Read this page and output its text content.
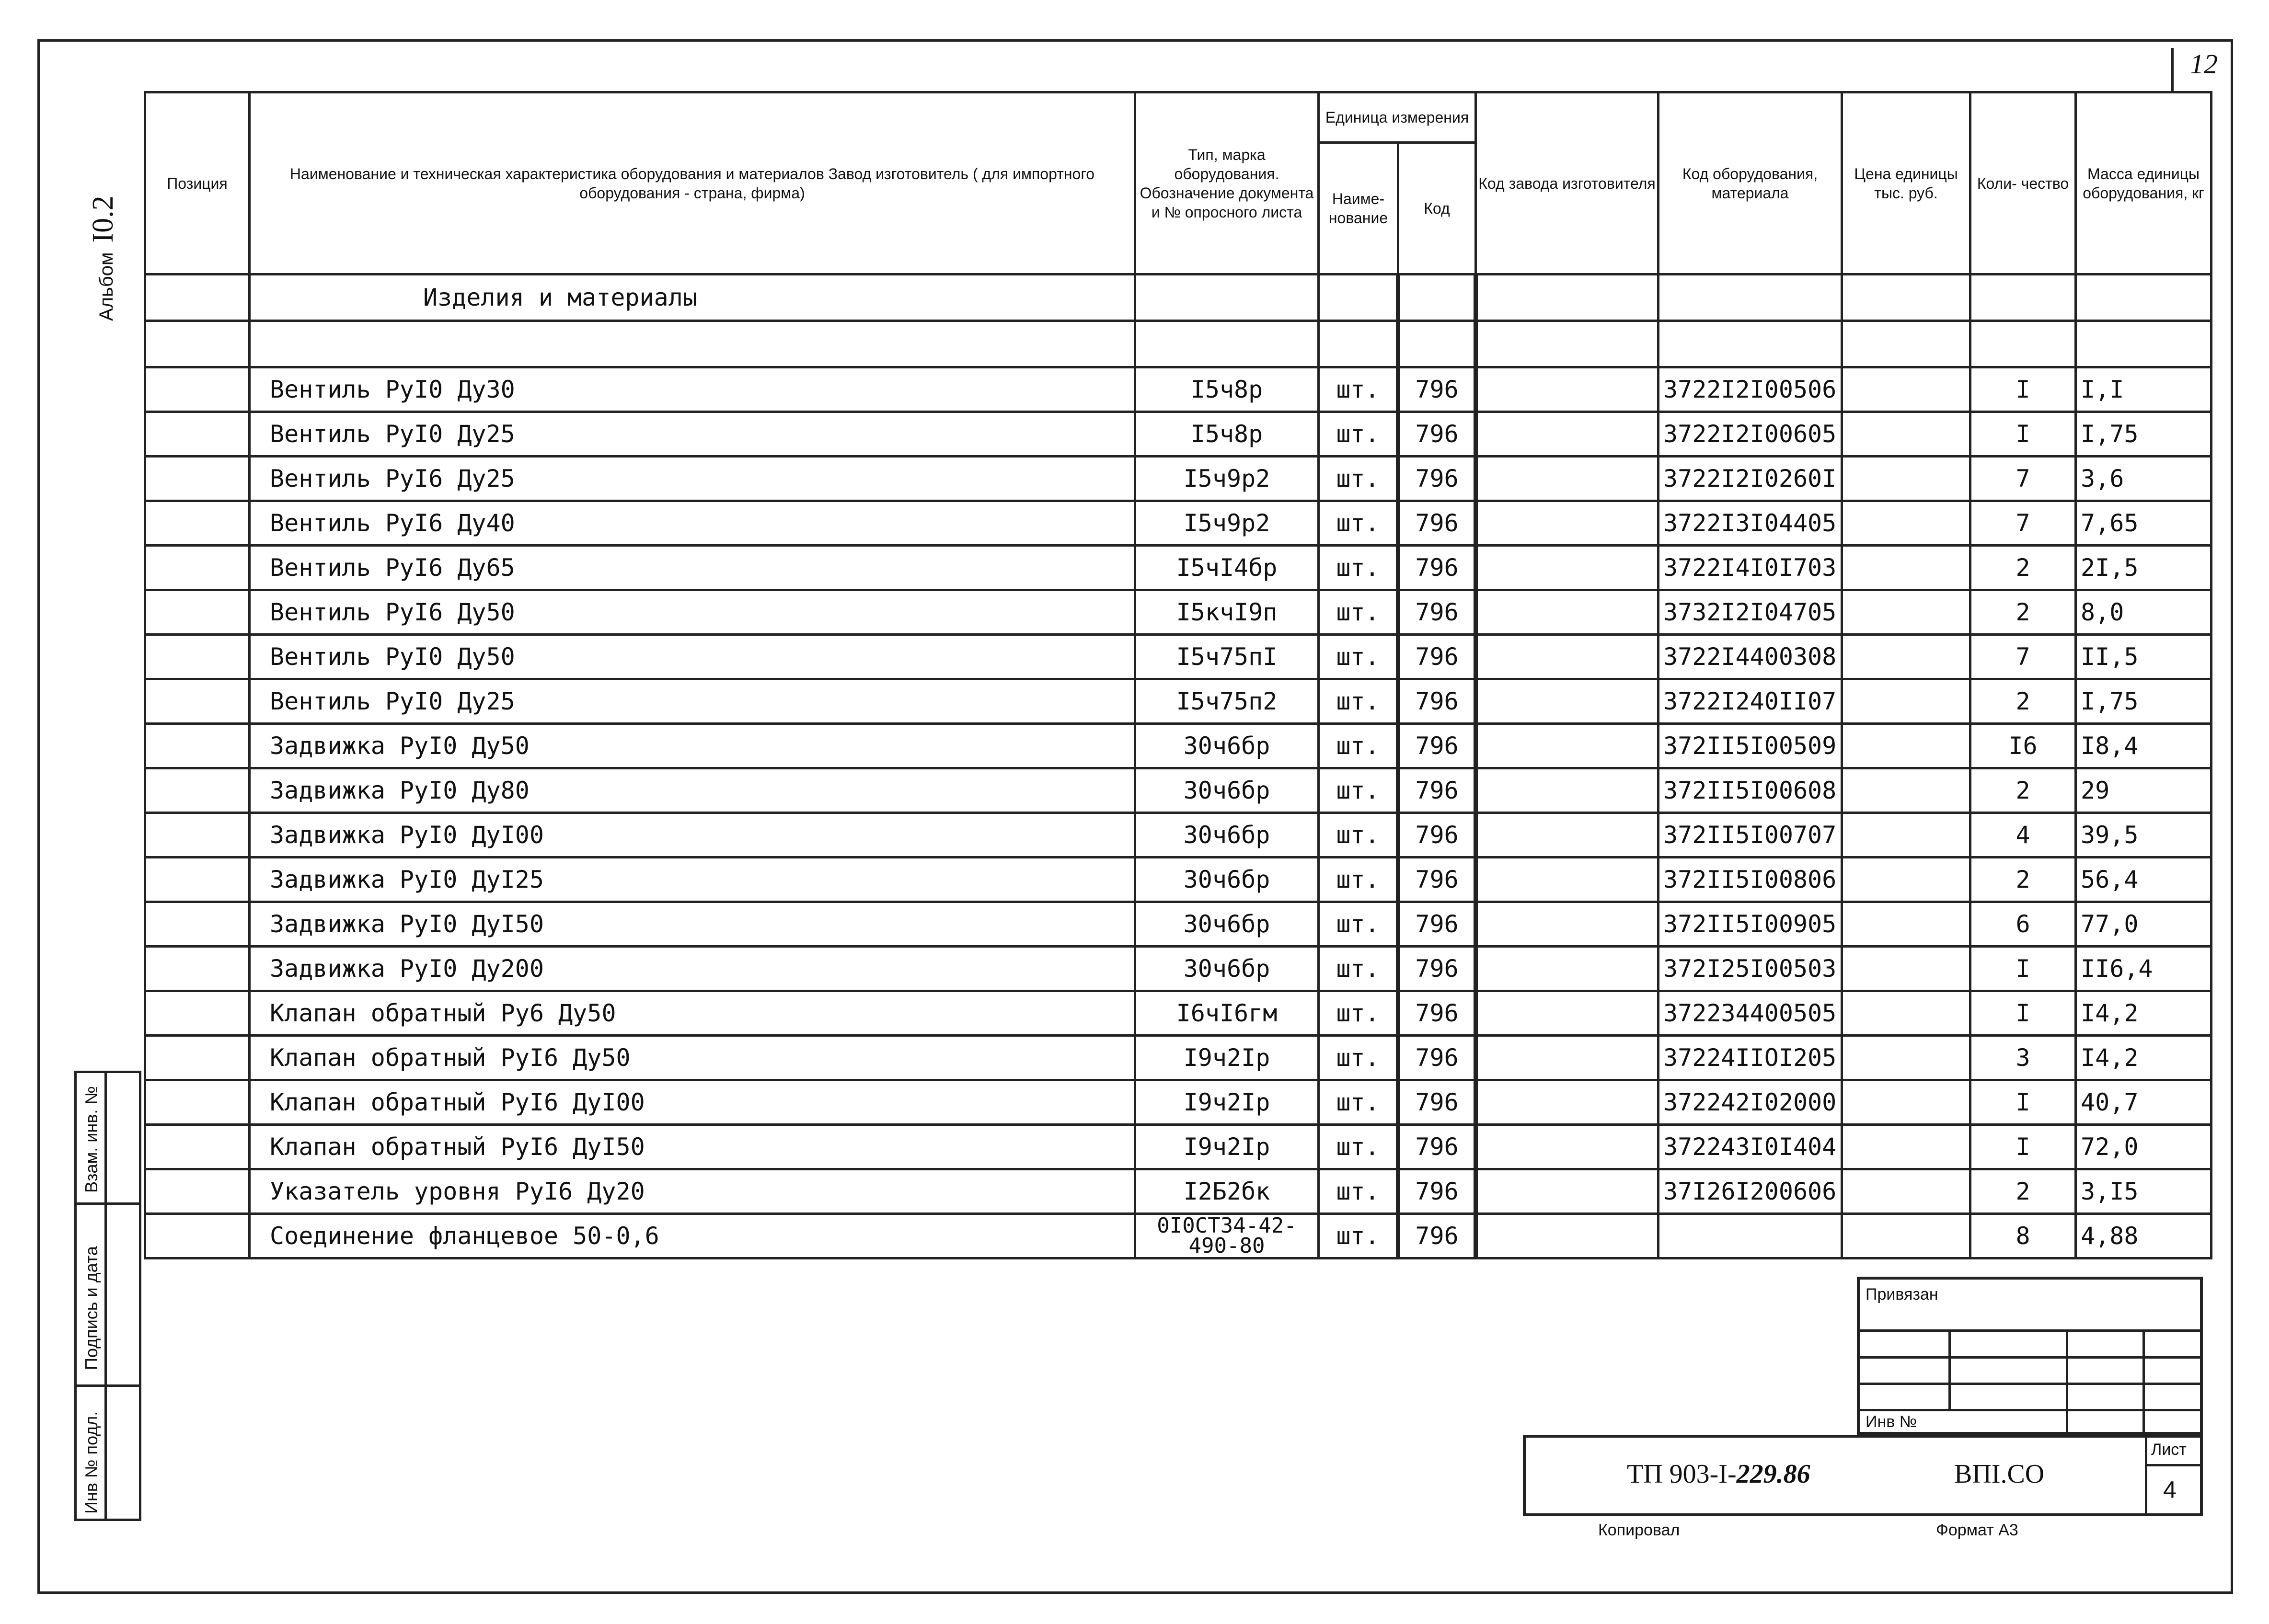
12
АльбомI0.2
Позиция	Наименование и техническая характеристика оборудования и материалов Завод изготовитель ( для импортного оборудования - страна, фирма)	Тип, марка оборудования. Обозначение документа и № опросного листа	Единица измерения		Код завода изготовителя	Код оборудования, материала	Цена единицы тыс. руб.	Коли- чество	Масса единицы оборудования, кг
			Наиме- нование	Код					
	Изделия и материалы								

	Вентиль РуI0 ДуЗ0	I5ч8р	шт.	796		3722I2I00506		I	I,I
	Вентиль РуI0 Ду25	I5ч8р	шт.	796		3722I2I00605		I	I,75
	Вентиль РуI6 Ду25	I5ч9р2	шт.	796		3722I2I0260I		7	3,6
	Вентиль РуI6 Ду40	I5ч9р2	шт.	796		3722I3I04405		7	7,65
	Вентиль РуI6 Ду65	I5чI4бр	шт.	796		3722I4I0I703		2	2I,5
	Вентиль РуI6 Ду50	I5кчI9п	шт.	796		3732I2I04705		2	8,0
	Вентиль РуI0 Ду50	I5ч75пI	шт.	796		3722I4400308		7	II,5
	Вентиль РуI0 Ду25	I5ч75п2	шт.	796		3722I240II07		2	I,75
	Задвижка РуI0 Ду50	30ч6бр	шт.	796		372II5I00509		I6	I8,4
	Задвижка РуI0 Ду80	30ч6бр	шт.	796		372II5I00608		2	29
	Задвижка РуI0 ДуI00	30ч6бр	шт.	796		372II5I00707		4	39,5
	Задвижка РуI0 ДуI25	30ч6бр	шт.	796		372II5I00806		2	56,4
	Задвижка РуI0 ДуI50	30ч6бр	шт.	796		372II5I00905		6	77,0
	Задвижка РуI0 Ду200	30ч6бр	шт.	796		372I25I00503		I	II6,4
	Клапан обратный Ру6 Ду50	I6чI6гм	шт.	796		372234400505		I	I4,2
	Клапан обратный РуI6 Ду50	I9ч2Iр	шт.	796		37224IIOI205		3	I4,2
	Клапан обратный РуI6 ДуI00	I9ч2Iр	шт.	796		372242I02000		I	40,7
	Клапан обратный РуI6 ДуI50	I9ч2Iр	шт.	796		372243I0I404		I	72,0
	Указатель уровня РуI6 Ду20	I2Б2бк	шт.	796		37I26I200606		2	3,I5
	Соединение фланцевое 50-0,6	0I0СТ34-42-490-80	шт.	796				8	4,88
Взам. инв. №
Подпись и дата
Инв № подл.
Привязан
Инв №
Лист
4
ТП 903-I-229.86	ВПI.СО
Копировал	Формат А3
